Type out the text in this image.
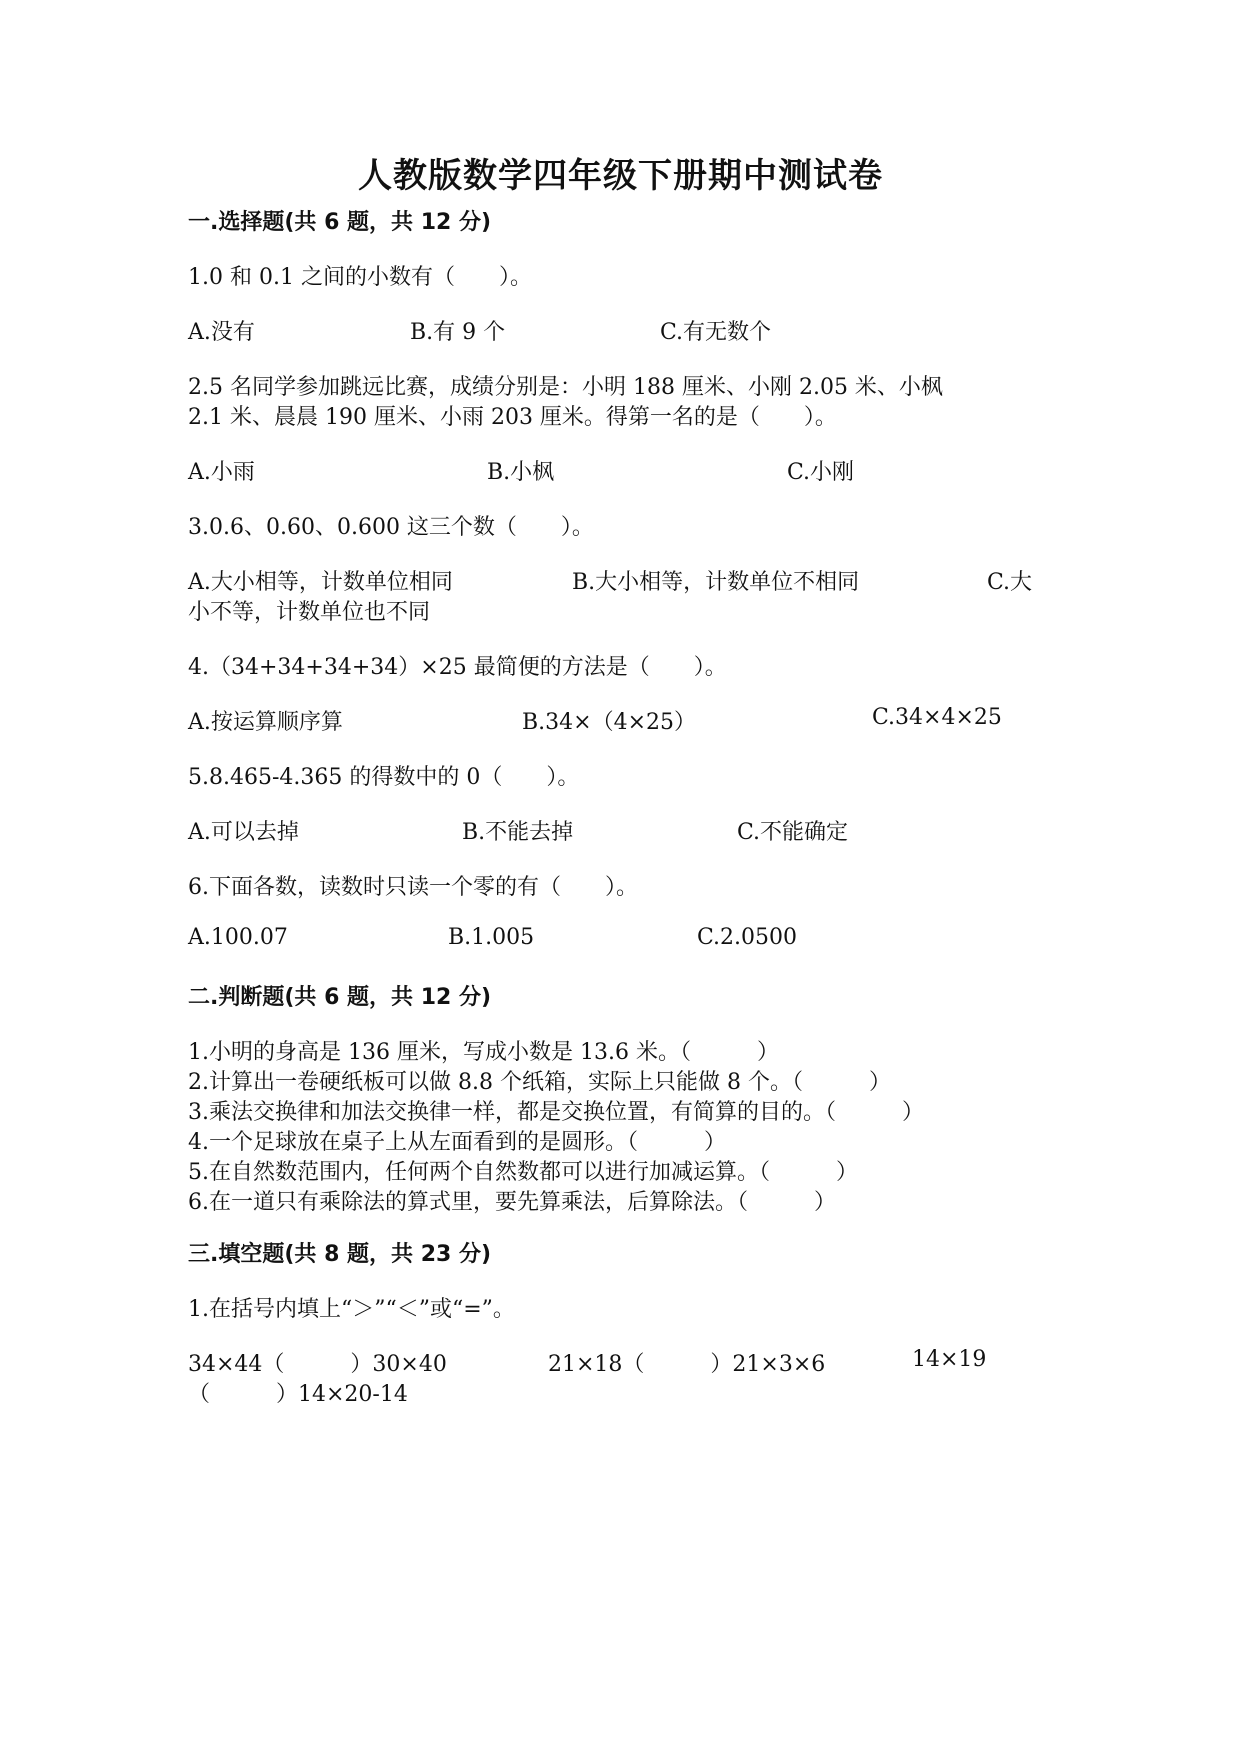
人教版数学四年级下册期中测试卷
一.选择题(共 6 题，共 12 分)
1.0 和 0.1 之间的小数有（　　）。
A.没有	B.有 9 个	C.有无数个
2.5 名同学参加跳远比赛，成绩分别是：小明 188 厘米、小刚 2.05 米、小枫
2.1 米、晨晨 190 厘米、小雨 203 厘米。得第一名的是（　　）。
A.小雨	B.小枫	C.小刚
3.0.6、0.60、0.600 这三个数（　　）。
A.大小相等，计数单位相同	B.大小相等，计数单位不相同	C.大
小不等，计数单位也不同
4.（34+34+34+34）×25 最简便的方法是（　　）。
A.按运算顺序算	B.34×（4×25）	C.34×4×25
5.8.465-4.365 的得数中的 0（　　）。
A.可以去掉	B.不能去掉	C.不能确定
6.下面各数，读数时只读一个零的有（　　）。
A.100.07	B.1.005	C.2.0500
二.判断题(共 6 题，共 12 分)
1.小明的身高是 136 厘米，写成小数是 13.6 米。（　　　）
2.计算出一卷硬纸板可以做 8.8 个纸箱，实际上只能做 8 个。（　　　）
3.乘法交换律和加法交换律一样，都是交换位置，有简算的目的。（　　　）
4.一个足球放在桌子上从左面看到的是圆形。（　　　）
5.在自然数范围内，任何两个自然数都可以进行加减运算。（　　　）
6.在一道只有乘除法的算式里，要先算乘法，后算除法。（　　　）
三.填空题(共 8 题，共 23 分)
1.在括号内填上“＞”“＜”或“=”。
34×44（　　　）30×40	21×18（　　　）21×3×6	14×19
（　　　）14×20-14
